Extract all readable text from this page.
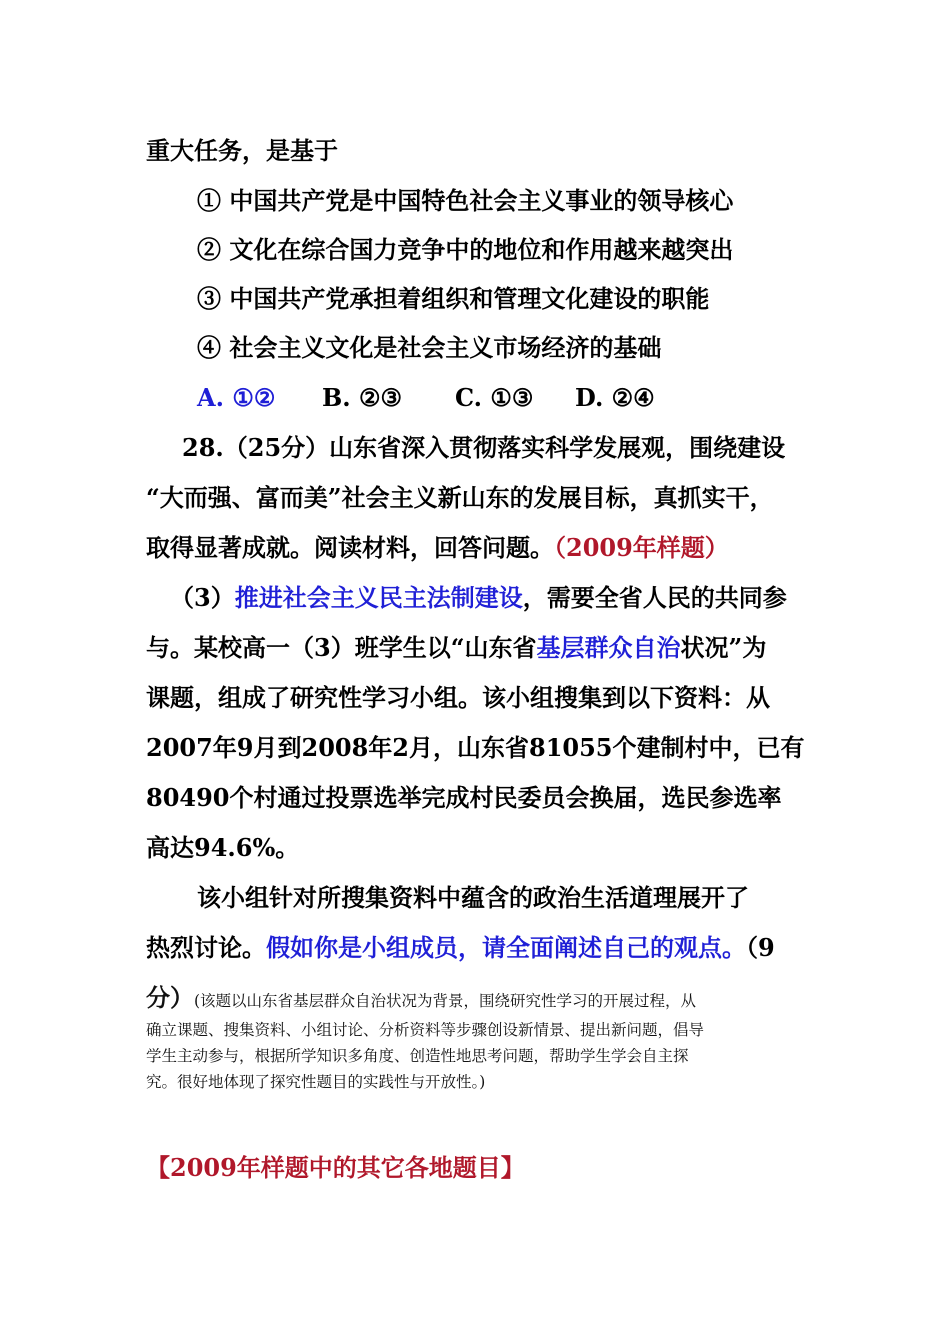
重大任务，是基于
① 中国共产党是中国特色社会主义事业的领导核心
② 文化在综合国力竞争中的地位和作用越来越突出
③ 中国共产党承担着组织和管理文化建设的职能
④ 社会主义文化是社会主义市场经济的基础
A. ①② B. ②③ C. ①③ D. ②④
28.（25分）山东省深入贯彻落实科学发展观，围绕建设
“大而强、富而美”社会主义新山东的发展目标，真抓实干，
取得显著成就。阅读材料，回答问题。（2009年样题）
（3）推进社会主义民主法制建设，需要全省人民的共同参
与。某校高一（3）班学生以“山东省基层群众自治状况”为
课题，组成了研究性学习小组。该小组搜集到以下资料：从
2007年9月到2008年2月，山东省81055个建制村中，已有
80490个村通过投票选举完成村民委员会换届，选民参选率
高达94.6%。
该小组针对所搜集资料中蕴含的政治生活道理展开了
热烈讨论。假如你是小组成员，请全面阐述自己的观点。（9
分）(该题以山东省基层群众自治状况为背景，围绕研究性学习的开展过程，从
确立课题、搜集资料、小组讨论、分析资料等步骤创设新情景、提出新问题，倡导
学生主动参与，根据所学知识多角度、创造性地思考问题，帮助学生学会自主探
究。很好地体现了探究性题目的实践性与开放性。)
【2009年样题中的其它各地题目】
